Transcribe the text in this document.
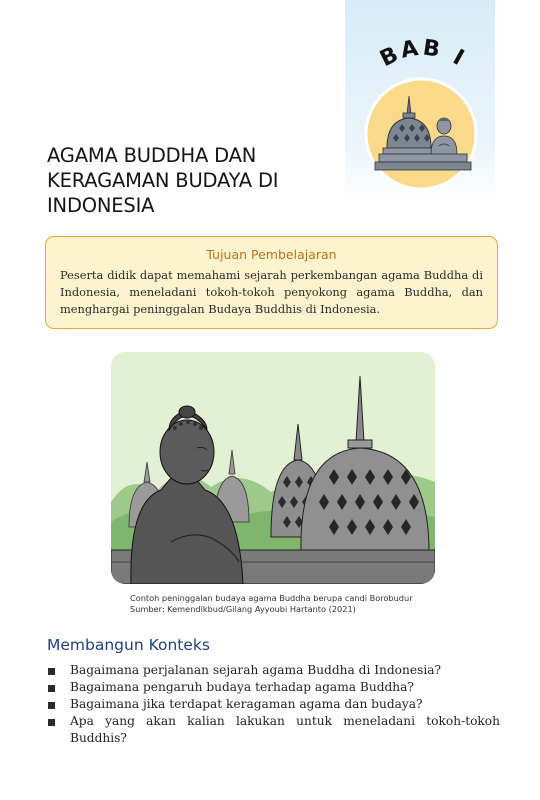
BAB I
AGAMA BUDDHA DAN KERAGAMAN BUDAYA DI INDONESIA
Tujuan Pembelajaran

Peserta didik dapat memahami sejarah perkembangan agama Buddha di Indonesia, meneladani tokoh-tokoh penyokong agama Buddha, dan menghargai peninggalan Budaya Buddhis di Indonesia.

Contoh peninggalan budaya agama Buddha berupa candi Borobudur
Sumber: Kemendikbud/Gilang Ayyoubi Hartanto (2021)
Membangun Konteks
Bagaimana perjalanan sejarah agama Buddha di Indonesia?
Bagaimana pengaruh budaya terhadap agama Buddha?
Bagaimana jika terdapat keragaman agama dan budaya?
Apa yang akan kalian lakukan untuk meneladani tokoh-tokoh Buddhis?
